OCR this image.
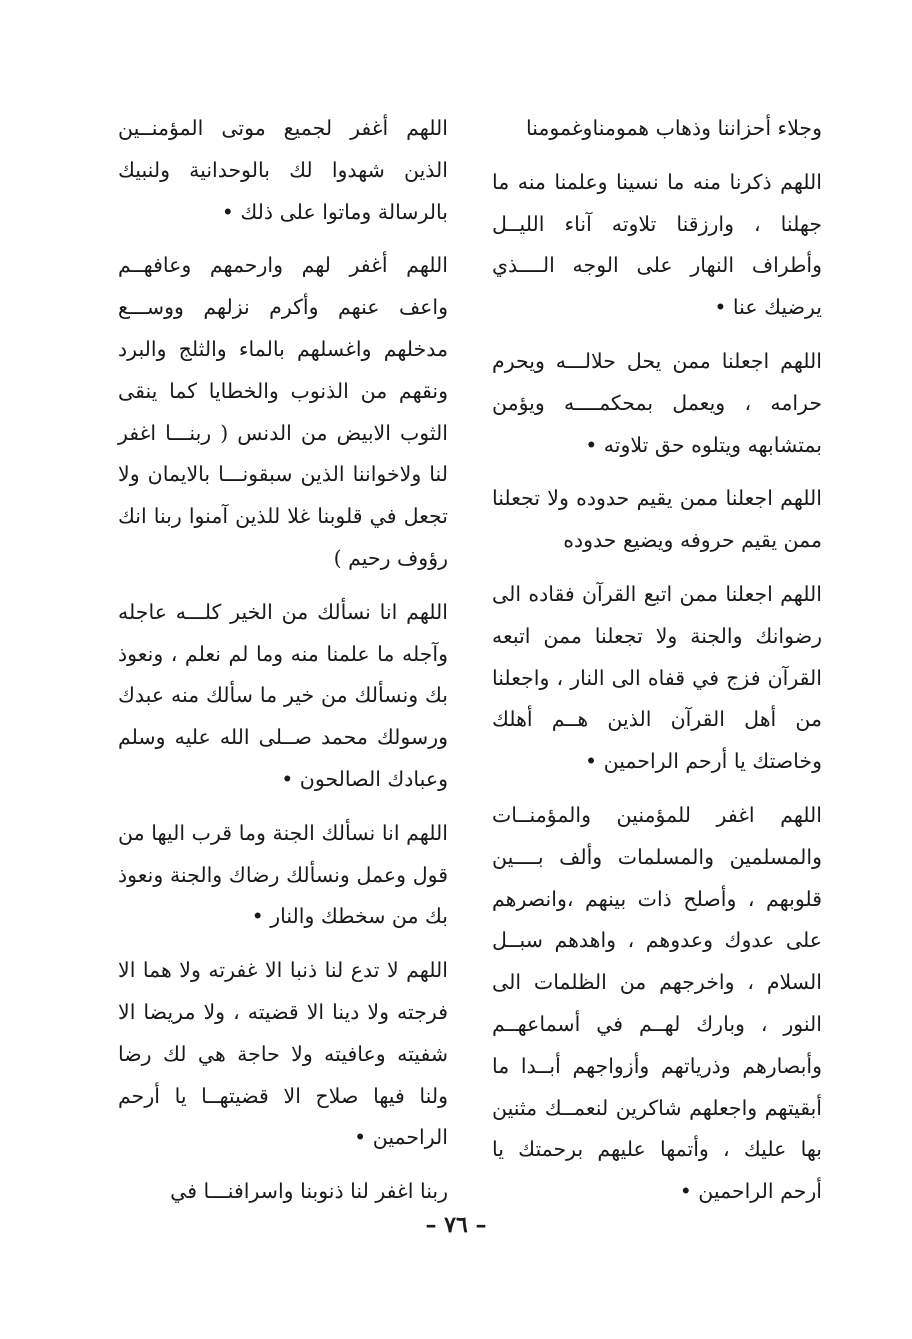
وجلاء أحزاننا وذهاب همومناوغمومنا

اللهم ذكرنا منه ما نسينا وعلمنا منه ما جهلنا ، وارزقنا تلاوته آناء الليــل وأطراف النهار على الوجه الــــذي يرضيك عنا •

اللهم اجعلنا ممن يحل حلالـــه ويحرم حرامه ، ويعمل بمحكمــــه ويؤمن بمتشابهه ويتلوه حق تلاوته •

اللهم اجعلنا ممن يقيم حدوده ولا تجعلنا ممن يقيم حروفه ويضيع حدوده

اللهم اجعلنا ممن اتبع القرآن فقاده الى رضوانك والجنة ولا تجعلنا ممن اتبعه القرآن فزج في قفاه الى النار ، واجعلنا من أهل القرآن الذين هــم أهلك وخاصتك يا أرحم الراحمين •

اللهم اغفر للمؤمنين والمؤمنــات والمسلمين والمسلمات وألف بــــين قلوبهم ، وأصلح ذات بينهم ،وانصرهم على عدوك وعدوهم ، واهدهم سبــل السلام ، واخرجهم من الظلمات الى النور ، وبارك لهــم في أسماعهــم وأبصارهم وذرياتهم وأزواجهم أبــدا ما أبقيتهم واجعلهم شاكرين لنعمــك مثنين بها عليك ، وأتمها عليهم برحمتك يا أرحم الراحمين •

اللهم أغفر لجميع موتى المؤمنــين الذين شهدوا لك بالوحدانية ولنبيك بالرسالة وماتوا على ذلك •

اللهم أغفر لهم وارحمهم وعافهــم واعف عنهم وأكرم نزلهم ووســـع مدخلهم واغسلهم بالماء والثلج والبرد ونقهم من الذنوب والخطايا كما ينقى الثوب الابيض من الدنس ( ربنـــا اغفر لنا ولاخواننا الذين سبقونـــا بالايمان ولا تجعل في قلوبنا غلا للذين آمنوا ربنا انك رؤوف رحيم )

اللهم انا نسألك من الخير كلـــه عاجله وآجله ما علمنا منه وما لم نعلم ، ونعوذ بك ونسألك من خير ما سألك منه عبدك ورسولك محمد صــلى الله عليه وسلم وعبادك الصالحون •

اللهم انا نسألك الجنة وما قرب اليها من قول وعمل ونسألك رضاك والجنة ونعوذ بك من سخطك والنار •

اللهم لا تدع لنا ذنبا الا غفرته ولا هما الا فرجته ولا دينا الا قضيته ، ولا مريضا الا شفيته وعافيته ولا حاجة هي لك رضا ولنا فيها صلاح الا قضيتهــا يا أرحم الراحمين •

ربنا اغفر لنا ذنوبنا واسرافنـــا في

– ٧٦ –
